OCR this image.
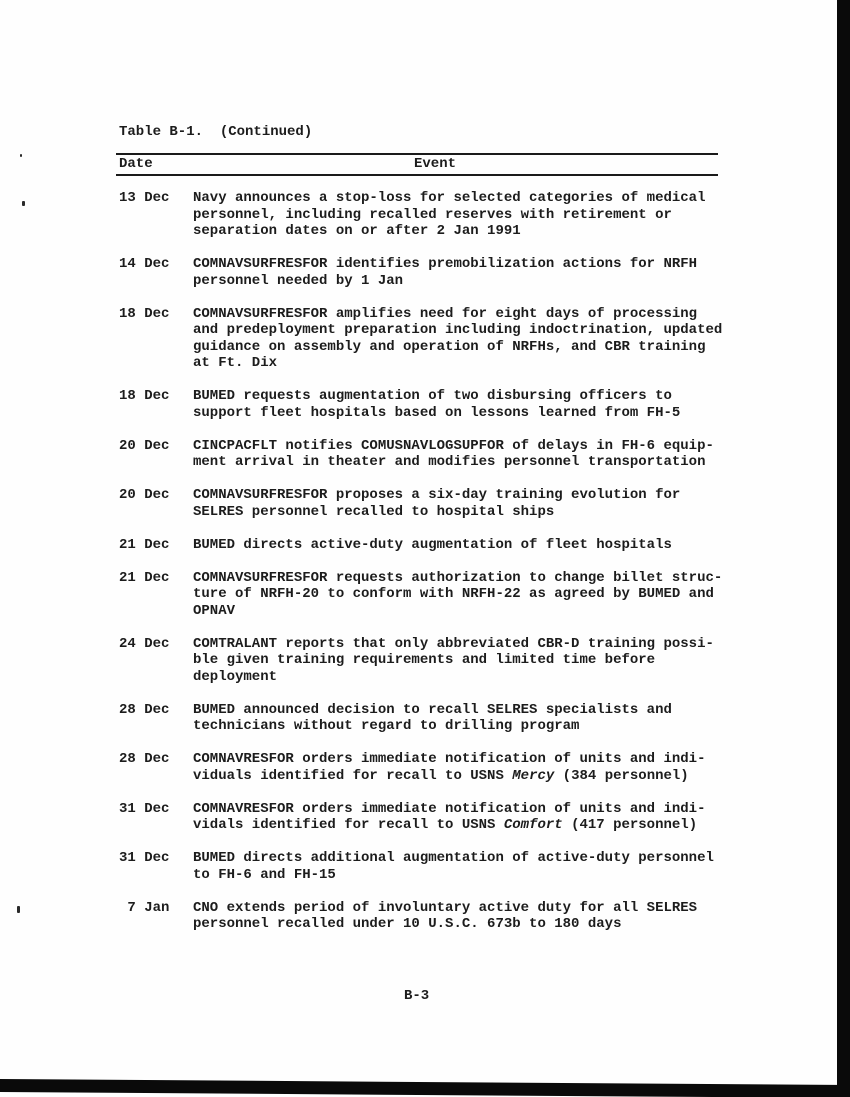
Table B-1.  (Continued)
Date	Event
13 Dec	Navy announces a stop-loss for selected categories of medical
personnel, including recalled reserves with retirement or
separation dates on or after 2 Jan 1991
14 Dec	COMNAVSURFRESFOR identifies premobilization actions for NRFH
personnel needed by 1 Jan
18 Dec	COMNAVSURFRESFOR amplifies need for eight days of processing
and predeployment preparation including indoctrination, updated
guidance on assembly and operation of NRFHs, and CBR training
at Ft. Dix
18 Dec	BUMED requests augmentation of two disbursing officers to
support fleet hospitals based on lessons learned from FH-5
20 Dec	CINCPACFLT notifies COMUSNAVLOGSUPFOR of delays in FH-6 equip-
ment arrival in theater and modifies personnel transportation
20 Dec	COMNAVSURFRESFOR proposes a six-day training evolution for
SELRES personnel recalled to hospital ships
21 Dec	BUMED directs active-duty augmentation of fleet hospitals
21 Dec	COMNAVSURFRESFOR requests authorization to change billet struc-
ture of NRFH-20 to conform with NRFH-22 as agreed by BUMED and
OPNAV
24 Dec	COMTRALANT reports that only abbreviated CBR-D training possi-
ble given training requirements and limited time before
deployment
28 Dec	BUMED announced decision to recall SELRES specialists and
technicians without regard to drilling program
28 Dec	COMNAVRESFOR orders immediate notification of units and indi-
viduals identified for recall to USNS Mercy (384 personnel)
31 Dec	COMNAVRESFOR orders immediate notification of units and indi-
vidals identified for recall to USNS Comfort (417 personnel)
31 Dec	BUMED directs additional augmentation of active-duty personnel
to FH-6 and FH-15
7 Jan	CNO extends period of involuntary active duty for all SELRES
personnel recalled under 10 U.S.C. 673b to 180 days
B-3
